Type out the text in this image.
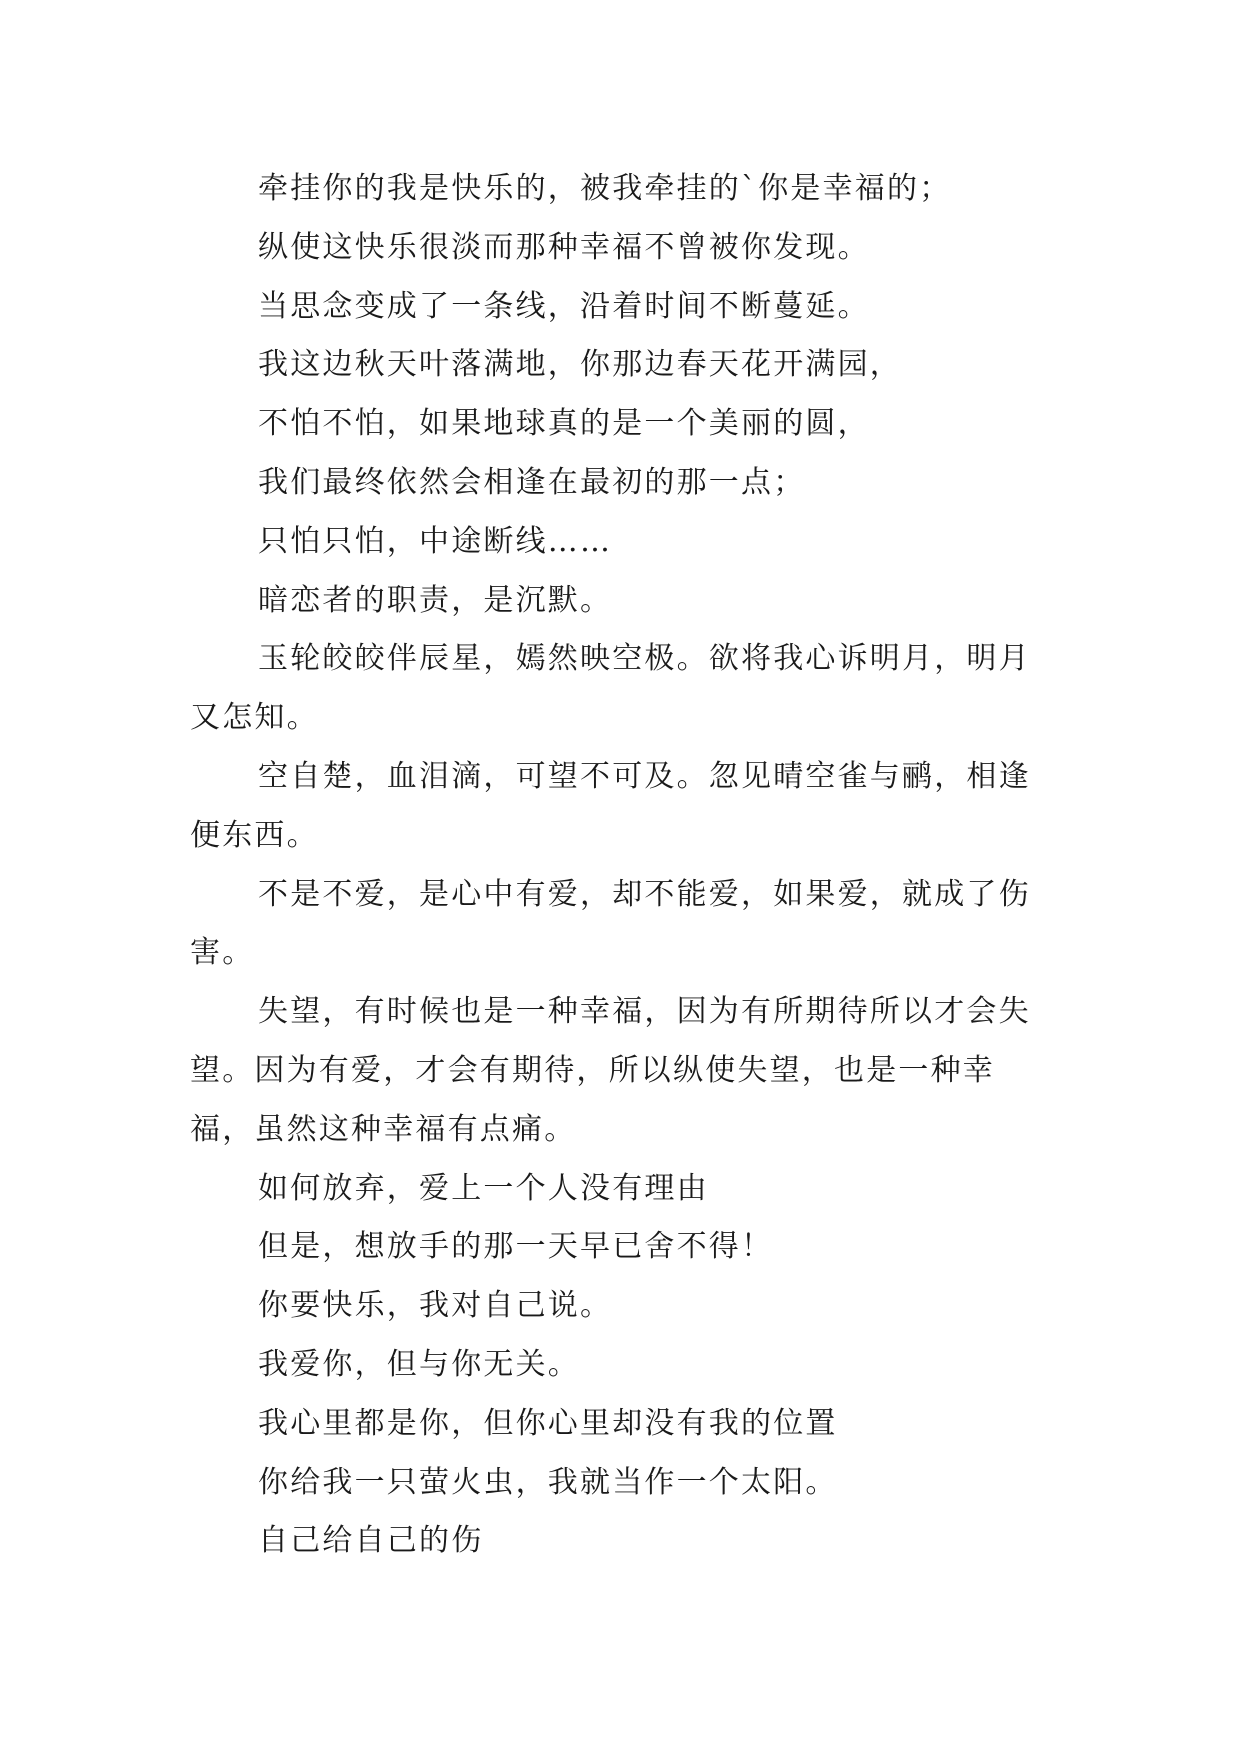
牵挂你的我是快乐的，被我牵挂的`你是幸福的；

纵使这快乐很淡而那种幸福不曾被你发现。

当思念变成了一条线，沿着时间不断蔓延。

我这边秋天叶落满地，你那边春天花开满园，

不怕不怕，如果地球真的是一个美丽的圆，

我们最终依然会相逢在最初的那一点；

只怕只怕，中途断线……

暗恋者的职责，是沉默。

玉轮皎皎伴辰星，嫣然映空极。欲将我心诉明月，明月又怎知。

空自楚，血泪滴，可望不可及。忽见晴空雀与鹂，相逢便东西。

不是不爱，是心中有爱，却不能爱，如果爱，就成了伤害。

失望，有时候也是一种幸福，因为有所期待所以才会失望。因为有爱，才会有期待，所以纵使失望，也是一种幸福，虽然这种幸福有点痛。

如何放弃，爱上一个人没有理由

但是，想放手的那一天早已舍不得！

你要快乐，我对自己说。

我爱你，但与你无关。

我心里都是你，但你心里却没有我的位置

你给我一只萤火虫，我就当作一个太阳。

自己给自己的伤
